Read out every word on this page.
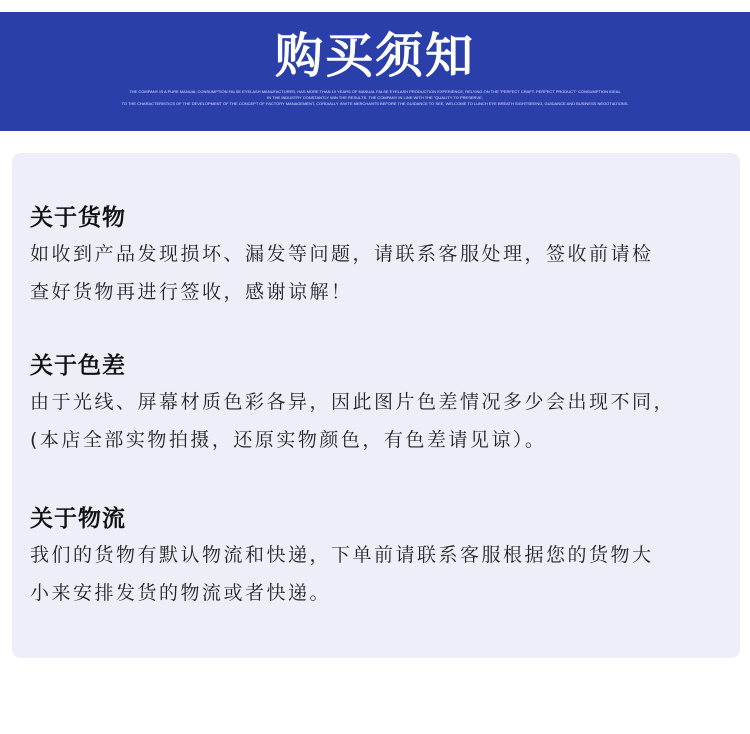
购买须知
THE COMPANY IS A PURE MANUAL CONSUMPTION FALSE EYELASH MANUFACTURER, HAS MORE THAN 10 YEARS OF MANUAL FALSE EYELASH PRODUCTION EXPERIENCE, RELYING ON THE "PERFECT CRAFT, PERFECT PRODUCT" CONSUMPTION IDEAL
IN THE INDUSTRY CONSTANTLY WIN THE RESULTS. THE COMPANY IN LINE WITH THE "QUALITY TO PRESERVE,
TO THE CHARACTERISTICS OF THE DEVELOPMENT OF THE CONCEPT OF FACTORY MANAGEMENT, CORDIALLY INVITE MERCHANTS BEFORE THE GUIDANCE TO SEE, WELCOME TO LUNCH EYE BREATH SIGHTSEEING, GUIDANCE AND BUSINESS NEGOTIATIONS.
关于货物
如收到产品发现损坏、漏发等问题，请联系客服处理，签收前请检
查好货物再进行签收，感谢谅解！
关于色差
由于光线、屏幕材质色彩各异，因此图片色差情况多少会出现不同，
(本店全部实物拍摄，还原实物颜色，有色差请见谅）。
关于物流
我们的货物有默认物流和快递，下单前请联系客服根据您的货物大
小来安排发货的物流或者快递。
